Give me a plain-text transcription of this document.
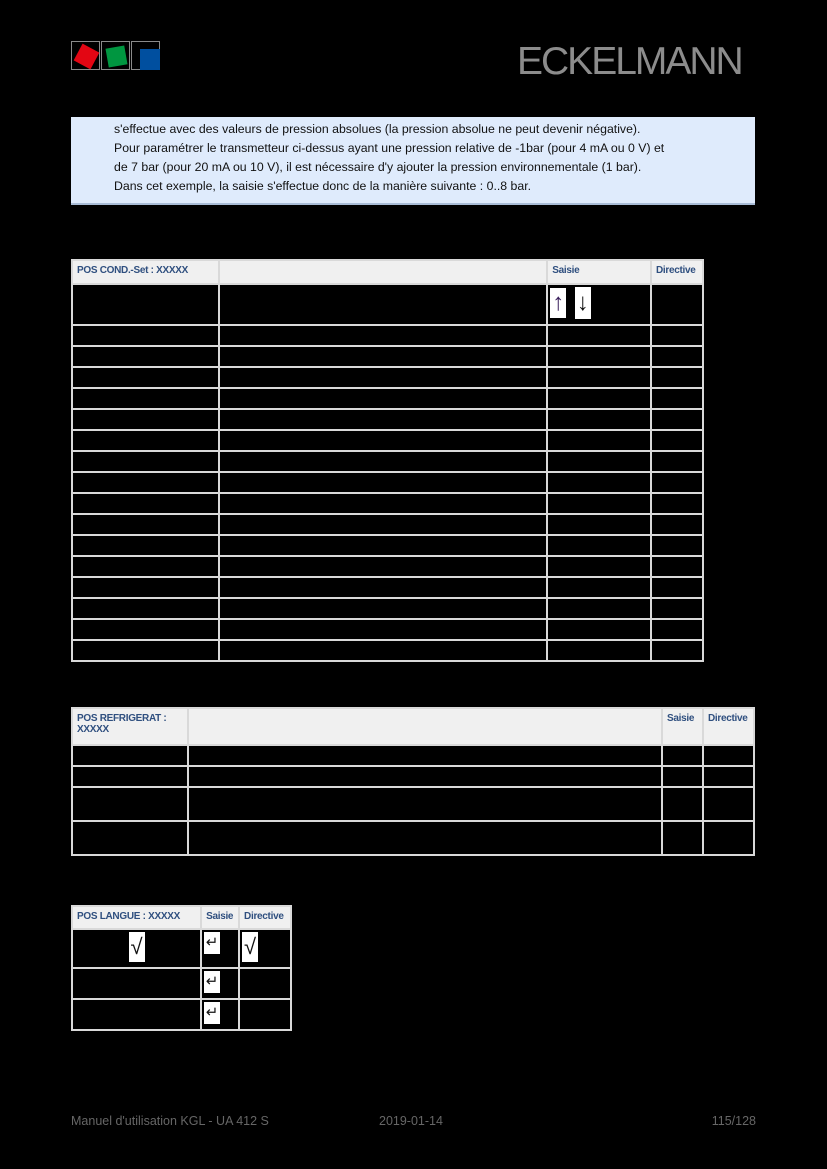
ECKELMANN

s'effectue avec des valeurs de pression absolues (la pression absolue ne peut devenir négative).

Pour paramétrer le transmetteur ci-dessus ayant une pression relative de -1bar (pour 4 mA ou 0 V) et

de 7 bar (pour 20 mA ou 10 V), il est nécessaire d'y ajouter la pression environnementale (1 bar).

Dans cet exemple, la saisie s'effectue donc de la manière suivante : 0..8 bar.

POS COND.-Set : XXXXX		Saisie	Directive
		↑ ↓	

POS REFRIGERAT : XXXXX		Saisie	Directive

POS LANGUE : XXXXX	Saisie	Directive
√	↵	√
	↵	
	↵	
Manuel d'utilisation KGL - UA 412 S	2019-01-14	115/128
